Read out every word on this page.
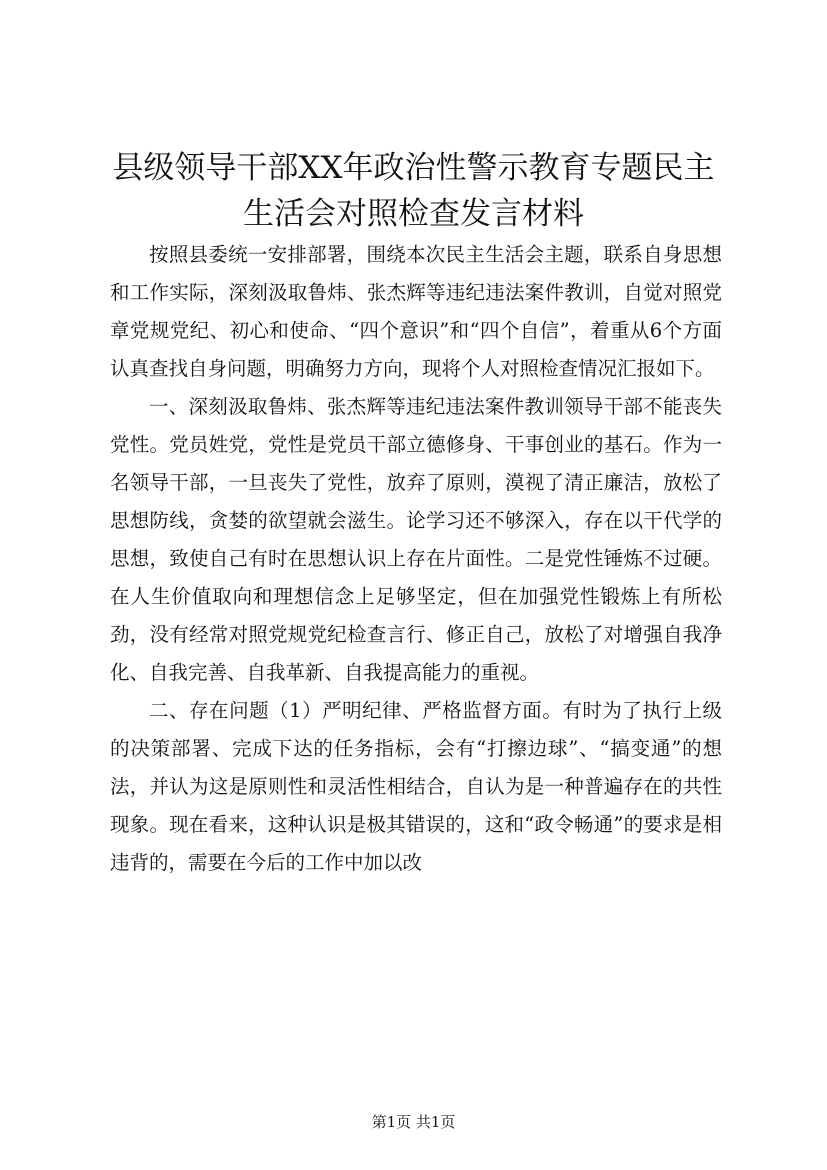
县级领导干部XX年政治性警示教育专题民主
生活会对照检查发言材料

按照县委统一安排部署，围绕本次民主生活会主题，联系自身思想和工作实际，深刻汲取鲁炜、张杰辉等违纪违法案件教训，自觉对照党章党规党纪、初心和使命、“四个意识”和“四个自信”，着重从6个方面认真查找自身问题，明确努力方向，现将个人对照检查情况汇报如下。

一、深刻汲取鲁炜、张杰辉等违纪违法案件教训领导干部不能丧失党性。党员姓党，党性是党员干部立德修身、干事创业的基石。作为一名领导干部，一旦丧失了党性，放弃了原则，漠视了清正廉洁，放松了思想防线，贪婪的欲望就会滋生。论学习还不够深入，存在以干代学的思想，致使自己有时在思想认识上存在片面性。二是党性锤炼不过硬。在人生价值取向和理想信念上足够坚定，但在加强党性锻炼上有所松劲，没有经常对照党规党纪检查言行、修正自己，放松了对增强自我净化、自我完善、自我革新、自我提高能力的重视。

二、存在问题（1）严明纪律、严格监督方面。有时为了执行上级的决策部署、完成下达的任务指标，会有“打擦边球”、“搞变通”的想法，并认为这是原则性和灵活性相结合，自认为是一种普遍存在的共性现象。现在看来，这种认识是极其错误的，这和“政令畅通”的要求是相违背的，需要在今后的工作中加以改

第1页 共1页
